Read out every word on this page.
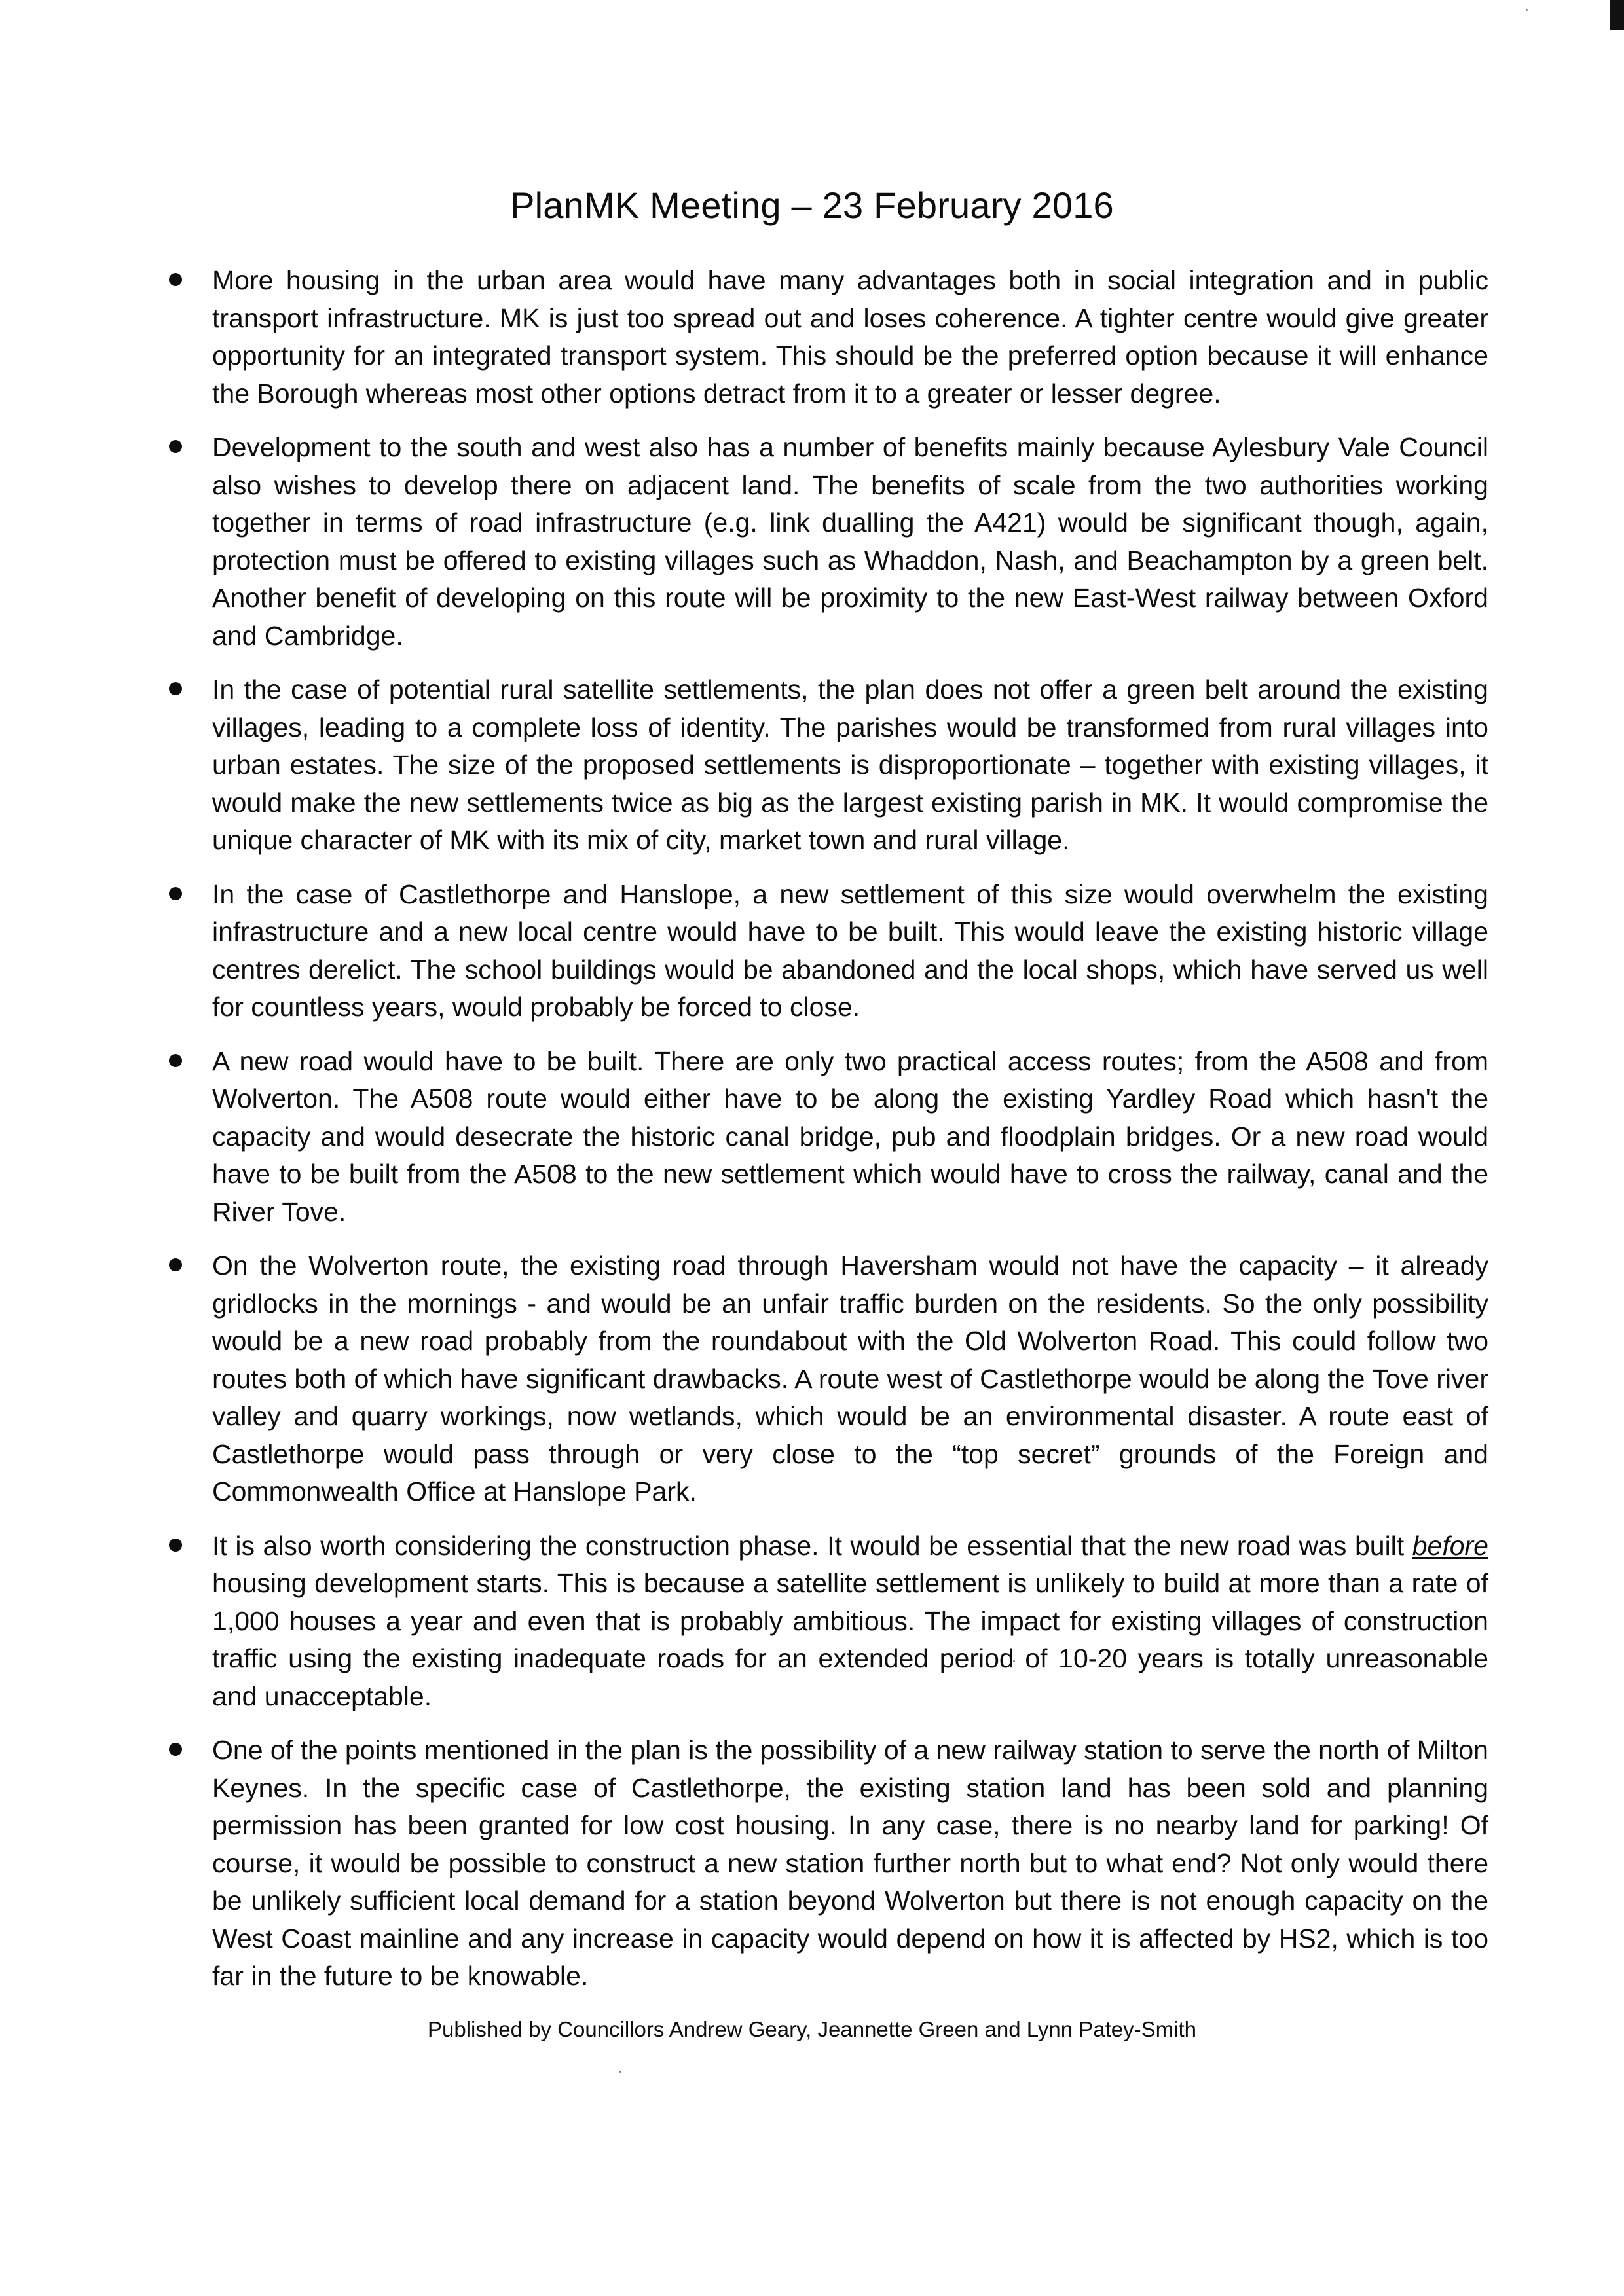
PlanMK Meeting – 23 February 2016
More housing in the urban area would have many advantages both in social integration and in public transport infrastructure. MK is just too spread out and loses coherence. A tighter centre would give greater opportunity for an integrated transport system. This should be the preferred option because it will enhance the Borough whereas most other options detract from it to a greater or lesser degree.
Development to the south and west also has a number of benefits mainly because Aylesbury Vale Council also wishes to develop there on adjacent land. The benefits of scale from the two authorities working together in terms of road infrastructure (e.g. link dualling the A421) would be significant though, again, protection must be offered to existing villages such as Whaddon, Nash, and Beachampton by a green belt. Another benefit of developing on this route will be proximity to the new East-West railway between Oxford and Cambridge.
In the case of potential rural satellite settlements, the plan does not offer a green belt around the existing villages, leading to a complete loss of identity. The parishes would be transformed from rural villages into urban estates. The size of the proposed settlements is disproportionate – together with existing villages, it would make the new settlements twice as big as the largest existing parish in MK. It would compromise the unique character of MK with its mix of city, market town and rural village.
In the case of Castlethorpe and Hanslope, a new settlement of this size would overwhelm the existing infrastructure and a new local centre would have to be built. This would leave the existing historic village centres derelict. The school buildings would be abandoned and the local shops, which have served us well for countless years, would probably be forced to close.
A new road would have to be built. There are only two practical access routes; from the A508 and from Wolverton. The A508 route would either have to be along the existing Yardley Road which hasn't the capacity and would desecrate the historic canal bridge, pub and floodplain bridges. Or a new road would have to be built from the A508 to the new settlement which would have to cross the railway, canal and the River Tove.
On the Wolverton route, the existing road through Haversham would not have the capacity – it already gridlocks in the mornings - and would be an unfair traffic burden on the residents. So the only possibility would be a new road probably from the roundabout with the Old Wolverton Road. This could follow two routes both of which have significant drawbacks. A route west of Castlethorpe would be along the Tove river valley and quarry workings, now wetlands, which would be an environmental disaster. A route east of Castlethorpe would pass through or very close to the “top secret” grounds of the Foreign and Commonwealth Office at Hanslope Park.
It is also worth considering the construction phase. It would be essential that the new road was built before housing development starts. This is because a satellite settlement is unlikely to build at more than a rate of 1,000 houses a year and even that is probably ambitious. The impact for existing villages of construction traffic using the existing inadequate roads for an extended period of 10-20 years is totally unreasonable and unacceptable.
One of the points mentioned in the plan is the possibility of a new railway station to serve the north of Milton Keynes. In the specific case of Castlethorpe, the existing station land has been sold and planning permission has been granted for low cost housing. In any case, there is no nearby land for parking! Of course, it would be possible to construct a new station further north but to what end? Not only would there be unlikely sufficient local demand for a station beyond Wolverton but there is not enough capacity on the West Coast mainline and any increase in capacity would depend on how it is affected by HS2, which is too far in the future to be knowable.
Published by Councillors Andrew Geary, Jeannette Green and Lynn Patey-Smith
